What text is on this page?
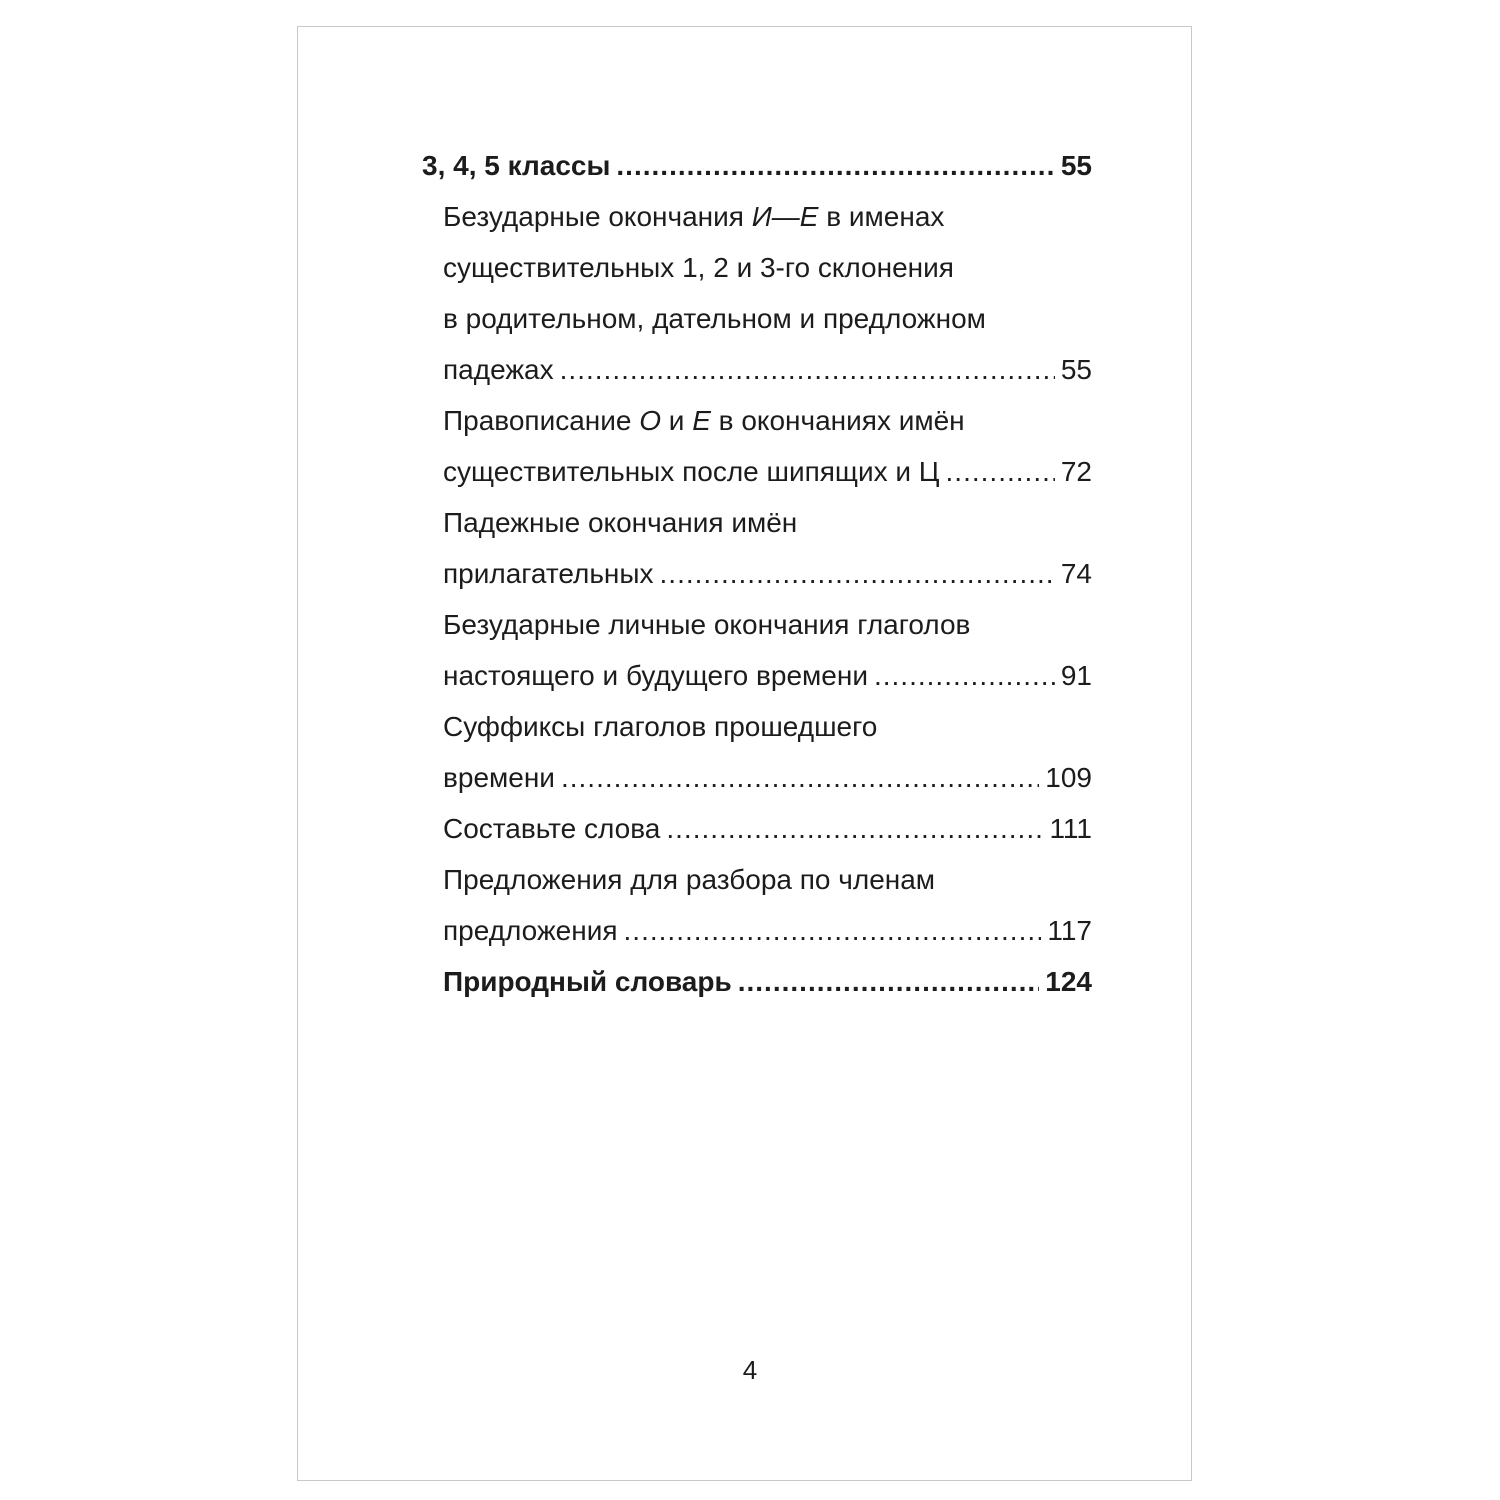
3, 4, 5 классы .....	55
Безударные окончания И—Е в именах
существительных 1, 2 и 3-го склонения
в родительном, дательном и предложном
падежах .....	55
Правописание О и Е в окончаниях имён
существительных после шипящих и Ц .....	72
Падежные окончания имён
прилагательных .....	74
Безударные личные окончания глаголов
настоящего и будущего времени .....	91
Суффиксы глаголов прошедшего
времени .....	109
Составьте слова .....	111
Предложения для разбора по членам
предложения .....	117
Природный словарь .....	124
4
